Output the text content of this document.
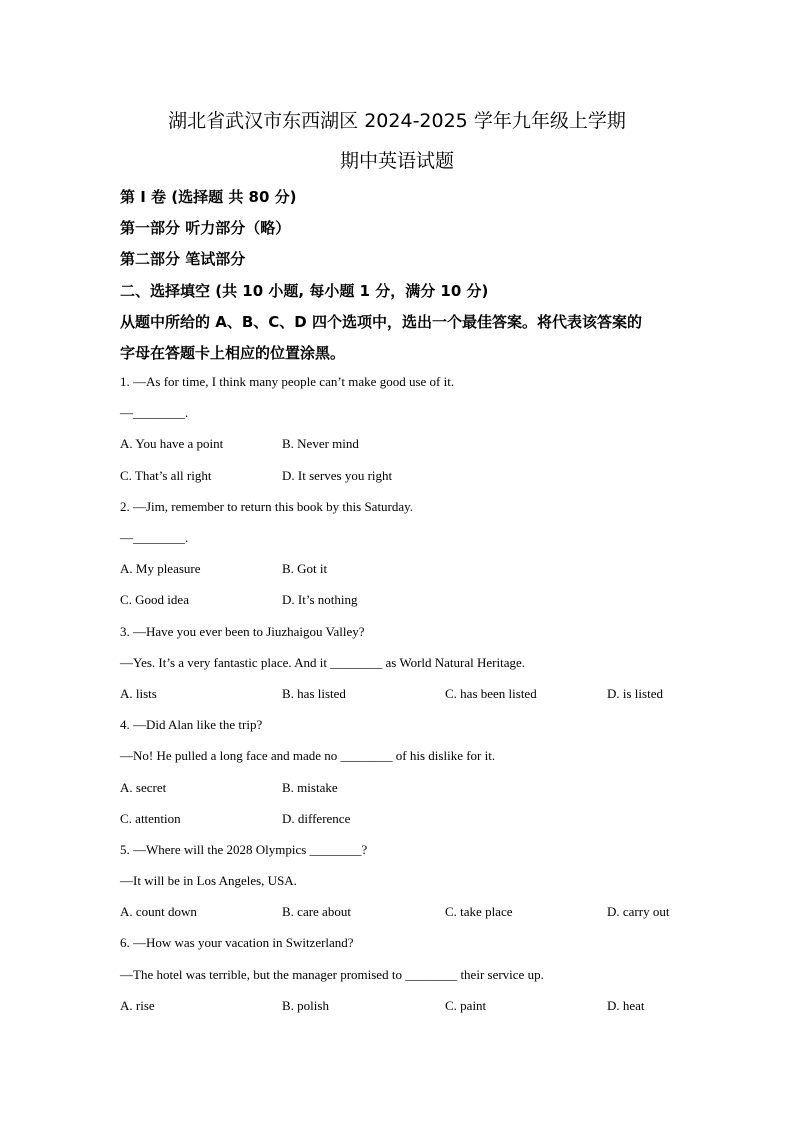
湖北省武汉市东西湖区 2024-2025 学年九年级上学期
期中英语试题
第 I 卷 (选择题 共 80 分)
第一部分 听力部分（略）
第二部分 笔试部分
二、选择填空 (共 10 小题, 每小题 1 分，满分 10 分)
从题中所给的 A、B、C、D 四个选项中，选出一个最佳答案。将代表该答案的
字母在答题卡上相应的位置涂黑。
1. —As for time, I think many people can’t make good use of it.
—________.
A. You have a point	B. Never mind
C. That’s all right	D. It serves you right
2. —Jim, remember to return this book by this Saturday.
—________.
A. My pleasure	B. Got it
C. Good idea	D. It’s nothing
3. —Have you ever been to Jiuzhaigou Valley?
—Yes. It’s a very fantastic place. And it ________ as World Natural Heritage.
A. lists	B. has listed	C. has been listed	D. is listed
4. —Did Alan like the trip?
—No! He pulled a long face and made no ________ of his dislike for it.
A. secret	B. mistake
C. attention	D. difference
5. —Where will the 2028 Olympics ________?
—It will be in Los Angeles, USA.
A. count down	B. care about	C. take place	D. carry out
6. —How was your vacation in Switzerland?
—The hotel was terrible, but the manager promised to ________ their service up.
A. rise	B. polish	C. paint	D. heat
